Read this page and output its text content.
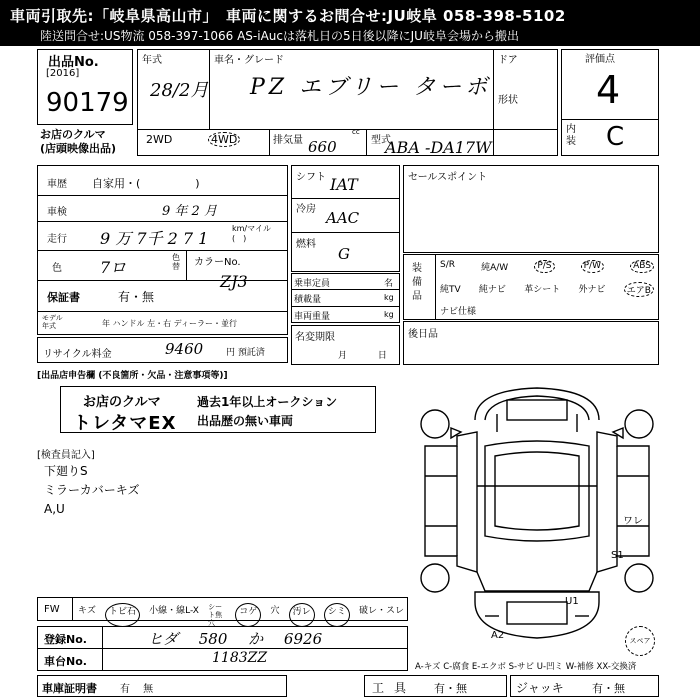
車両引取先:「岐阜県高山市」　車両に関するお問合せ:JU岐阜 058-398-5102
陸送問合せ:US物流 058-397-1066 AS-iAucは落札日の5日後以降にJU岐阜会場から搬出
出品No.
[2016]
90179
お店のクルマ
(店頭映像出品)
年式
28/2月
車名・グレード
PZ エブリー ターボ
ドア
形状
2WD	4WD	排気量
cc
660	型式
ABA -DA17W
評価点
4
内装 C
車歴 自家用・(　　　　　)
車検	9 年 2 月
走行 9 万 7千 2 7 1
km/マイル(　)
色 7ロ
色替 カラーNo.
ZJ3
保証書	有・無
モデル年式	年 ハンドル 左・右 ディーラー・並行
リサイクル料金	9460	円 預託済
シフト IAT
冷房 AAC
燃料
G
乗車定員	名
積載量	kg
車両重量	kg
名変期限
月 日
セールスポイント
装備品
S/R	純A/W	P/S	P/W	ABS
純TV 純ナビ 革シート 外ナビ	エアB
ナビ仕様
後日品
[出品店申告欄 (不良箇所・欠品・注意事項等)]
お店のクルマ
トレタマEX
過去1年以上オークション
出品歴の無い車両
[検査員記入]
下廻りS
ミラーカバーキズ
A,U
ワレ
S1
U1
A2	スペア
FW キズ	トビ石	小線・線L-X シート焦穴
コゲ	穴	汚レ	シミ	破レ・スレ
登録No.	ヒダ 580 か 6926
車台No.	1183ZZ
A-キズ C-腐食 E-エクボ S-サビ U-凹ミ W-補修 XX-交換済
車庫証明書 有 無	工具 有・無	ジャッキ	有・無
